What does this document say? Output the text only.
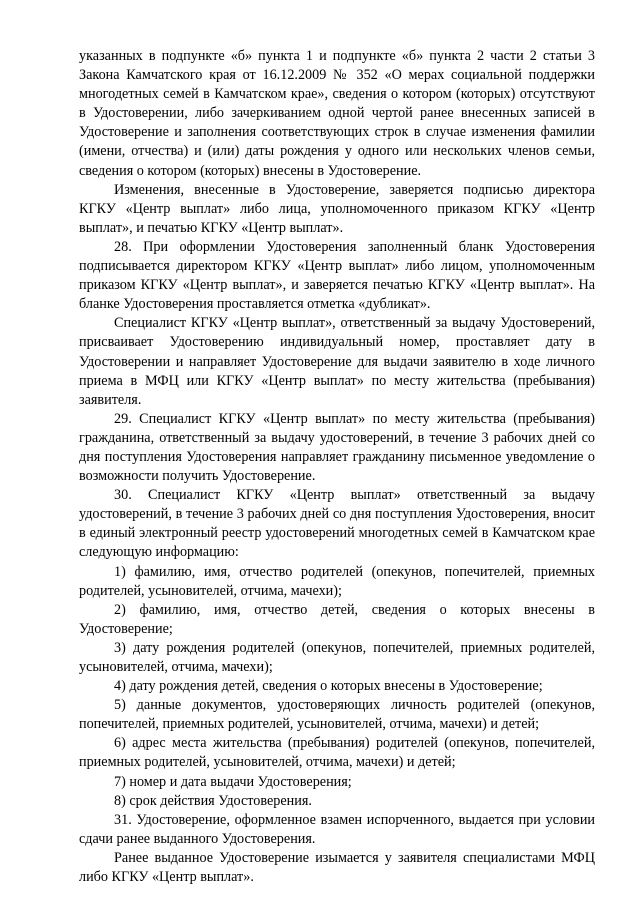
указанных в подпункте «б» пункта 1 и подпункте «б» пункта 2 части 2 статьи 3 Закона Камчатского края от 16.12.2009 № 352 «О мерах социальной поддержки многодетных семей в Камчатском крае», сведения о котором (которых) отсутствуют в Удостоверении, либо зачеркиванием одной чертой ранее внесенных записей в Удостоверение и заполнения соответствующих строк в случае изменения фамилии (имени, отчества) и (или) даты рождения у одного или нескольких членов семьи, сведения о котором (которых) внесены в Удостоверение.

Изменения, внесенные в Удостоверение, заверяется подписью директора КГКУ «Центр выплат» либо лица, уполномоченного приказом КГКУ «Центр выплат», и печатью КГКУ «Центр выплат».

28. При оформлении Удостоверения заполненный бланк Удостоверения подписывается директором КГКУ «Центр выплат» либо лицом, уполномоченным приказом КГКУ «Центр выплат», и заверяется печатью КГКУ «Центр выплат». На бланке Удостоверения проставляется отметка «дубликат».

Специалист КГКУ «Центр выплат», ответственный за выдачу Удостоверений, присваивает Удостоверению индивидуальный номер, проставляет дату в Удостоверении и направляет Удостоверение для выдачи заявителю в ходе личного приема в МФЦ или КГКУ «Центр выплат» по месту жительства (пребывания) заявителя.

29. Специалист КГКУ «Центр выплат» по месту жительства (пребывания) гражданина, ответственный за выдачу удостоверений, в течение 3 рабочих дней со дня поступления Удостоверения направляет гражданину письменное уведомление о возможности получить Удостоверение.

30. Специалист КГКУ «Центр выплат» ответственный за выдачу удостоверений, в течение 3 рабочих дней со дня поступления Удостоверения, вносит в единый электронный реестр удостоверений многодетных семей в Камчатском крае следующую информацию:

1) фамилию, имя, отчество родителей (опекунов, попечителей, приемных родителей, усыновителей, отчима, мачехи);

2) фамилию, имя, отчество детей, сведения о которых внесены в Удостоверение;

3) дату рождения родителей (опекунов, попечителей, приемных родителей, усыновителей, отчима, мачехи);

4) дату рождения детей, сведения о которых внесены в Удостоверение;

5) данные документов, удостоверяющих личность родителей (опекунов, попечителей, приемных родителей, усыновителей, отчима, мачехи) и детей;

6) адрес места жительства (пребывания) родителей (опекунов, попечителей, приемных родителей, усыновителей, отчима, мачехи) и детей;

7) номер и дата выдачи Удостоверения;

8) срок действия Удостоверения.

31. Удостоверение, оформленное взамен испорченного, выдается при условии сдачи ранее выданного Удостоверения.

Ранее выданное Удостоверение изымается у заявителя специалистами МФЦ либо КГКУ «Центр выплат».
